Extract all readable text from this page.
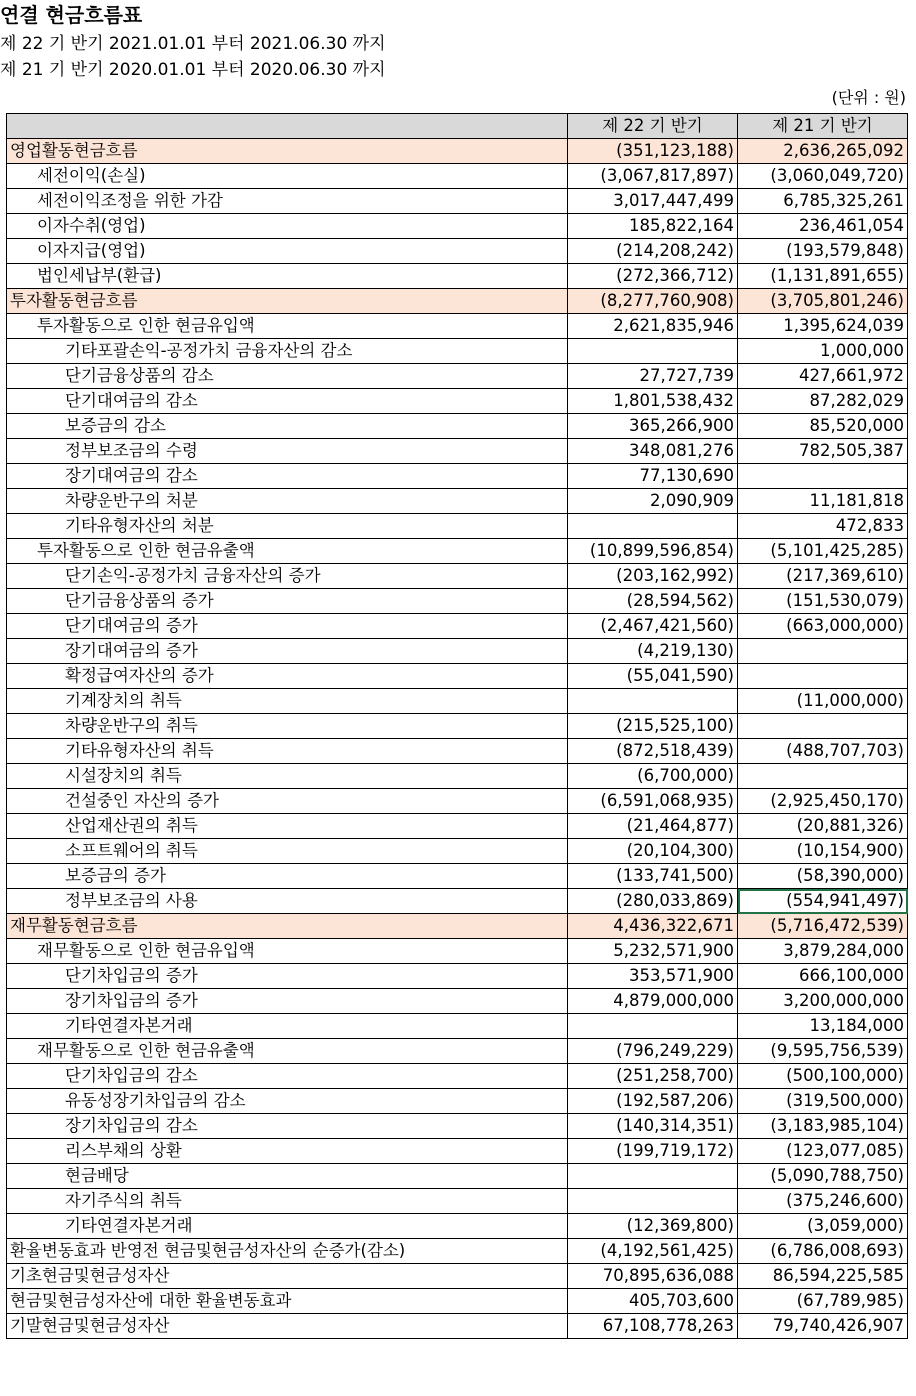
연결 현금흐름표
제 22 기 반기 2021.01.01 부터 2021.06.30 까지
제 21 기 반기 2020.01.01 부터 2020.06.30 까지
(단위 : 원)
	제 22 기 반기	제 21 기 반기
영업활동현금흐름	(351,123,188)	2,636,265,092
세전이익(손실)	(3,067,817,897)	(3,060,049,720)
세전이익조정을 위한 가감	3,017,447,499	6,785,325,261
이자수취(영업)	185,822,164	236,461,054
이자지급(영업)	(214,208,242)	(193,579,848)
법인세납부(환급)	(272,366,712)	(1,131,891,655)
투자활동현금흐름	(8,277,760,908)	(3,705,801,246)
투자활동으로 인한 현금유입액	2,621,835,946	1,395,624,039
기타포괄손익-공정가치 금융자산의 감소		1,000,000
단기금융상품의 감소	27,727,739	427,661,972
단기대여금의 감소	1,801,538,432	87,282,029
보증금의 감소	365,266,900	85,520,000
정부보조금의 수령	348,081,276	782,505,387
장기대여금의 감소	77,130,690	
차량운반구의 처분	2,090,909	11,181,818
기타유형자산의 처분		472,833
투자활동으로 인한 현금유출액	(10,899,596,854)	(5,101,425,285)
단기손익-공정가치 금융자산의 증가	(203,162,992)	(217,369,610)
단기금융상품의 증가	(28,594,562)	(151,530,079)
단기대여금의 증가	(2,467,421,560)	(663,000,000)
장기대여금의 증가	(4,219,130)	
확정급여자산의 증가	(55,041,590)	
기계장치의 취득		(11,000,000)
차량운반구의 취득	(215,525,100)	
기타유형자산의 취득	(872,518,439)	(488,707,703)
시설장치의 취득	(6,700,000)	
건설중인 자산의 증가	(6,591,068,935)	(2,925,450,170)
산업재산권의 취득	(21,464,877)	(20,881,326)
소프트웨어의 취득	(20,104,300)	(10,154,900)
보증금의 증가	(133,741,500)	(58,390,000)
정부보조금의 사용	(280,033,869)	(554,941,497)
재무활동현금흐름	4,436,322,671	(5,716,472,539)
재무활동으로 인한 현금유입액	5,232,571,900	3,879,284,000
단기차입금의 증가	353,571,900	666,100,000
장기차입금의 증가	4,879,000,000	3,200,000,000
기타연결자본거래		13,184,000
재무활동으로 인한 현금유출액	(796,249,229)	(9,595,756,539)
단기차입금의 감소	(251,258,700)	(500,100,000)
유동성장기차입금의 감소	(192,587,206)	(319,500,000)
장기차입금의 감소	(140,314,351)	(3,183,985,104)
리스부채의 상환	(199,719,172)	(123,077,085)
현금배당		(5,090,788,750)
자기주식의 취득		(375,246,600)
기타연결자본거래	(12,369,800)	(3,059,000)
환율변동효과 반영전 현금및현금성자산의 순증가(감소)	(4,192,561,425)	(6,786,008,693)
기초현금및현금성자산	70,895,636,088	86,594,225,585
현금및현금성자산에 대한 환율변동효과	405,703,600	(67,789,985)
기말현금및현금성자산	67,108,778,263	79,740,426,907
